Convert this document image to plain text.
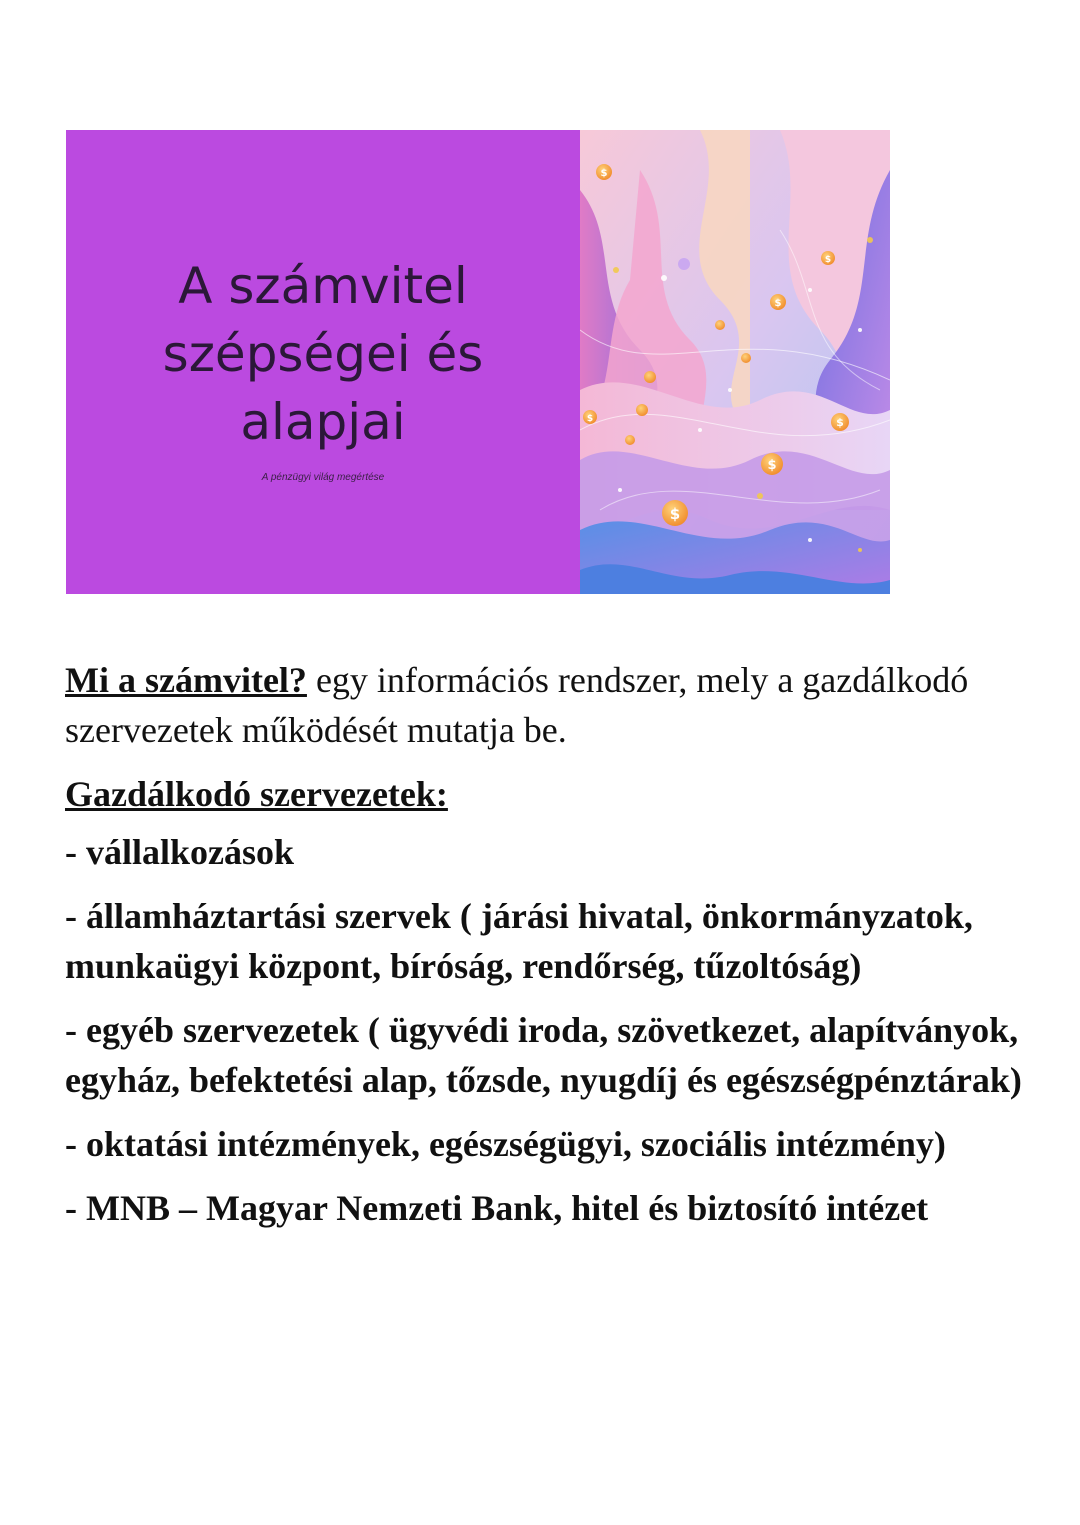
A számvitel szépségei és alapjai
A pénzügyi világ megértése
$
$
$
$	$
$
$

Mi a számvitel? egy információs rendszer, mely a gazdálkodó szervezetek működését mutatja be.

Gazdálkodó szervezetek:

- vállalkozások

- államháztartási szervek ( járási hivatal, önkormányzatok, munkaügyi központ, bíróság, rendőrség, tűzoltóság)

- egyéb szervezetek ( ügyvédi iroda, szövetkezet, alapítványok, egyház, befektetési alap, tőzsde, nyugdíj és egészségpénztárak)

- oktatási intézmények, egészségügyi, szociális intézmény)

- MNB – Magyar Nemzeti Bank, hitel és biztosító intézet
